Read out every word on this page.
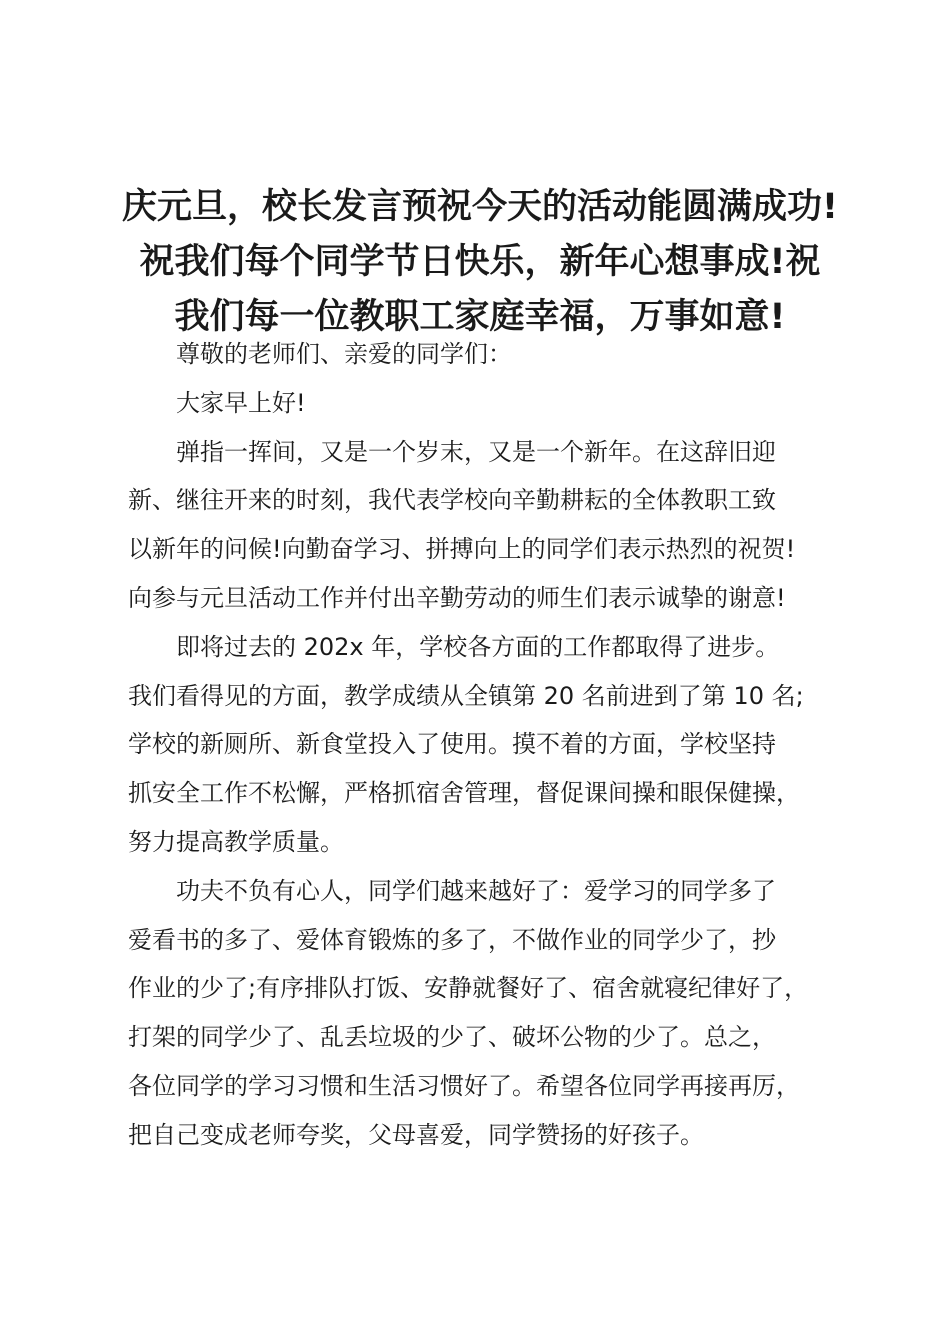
庆元旦，校长发言预祝今天的活动能圆满成功!
祝我们每个同学节日快乐，新年心想事成!祝
我们每一位教职工家庭幸福，万事如意!
尊敬的老师们、亲爱的同学们：
大家早上好!
弹指一挥间，又是一个岁末，又是一个新年。在这辞旧迎
新、继往开来的时刻，我代表学校向辛勤耕耘的全体教职工致
以新年的问候!向勤奋学习、拼搏向上的同学们表示热烈的祝贺!
向参与元旦活动工作并付出辛勤劳动的师生们表示诚挚的谢意!
即将过去的 202x 年，学校各方面的工作都取得了进步。
我们看得见的方面，教学成绩从全镇第 20 名前进到了第 10 名;
学校的新厕所、新食堂投入了使用。摸不着的方面，学校坚持
抓安全工作不松懈，严格抓宿舍管理，督促课间操和眼保健操，
努力提高教学质量。
功夫不负有心人，同学们越来越好了：爱学习的同学多了
爱看书的多了、爱体育锻炼的多了，不做作业的同学少了，抄
作业的少了;有序排队打饭、安静就餐好了、宿舍就寝纪律好了，
打架的同学少了、乱丢垃圾的少了、破坏公物的少了。总之，
各位同学的学习习惯和生活习惯好了。希望各位同学再接再厉，
把自己变成老师夸奖，父母喜爱，同学赞扬的好孩子。
